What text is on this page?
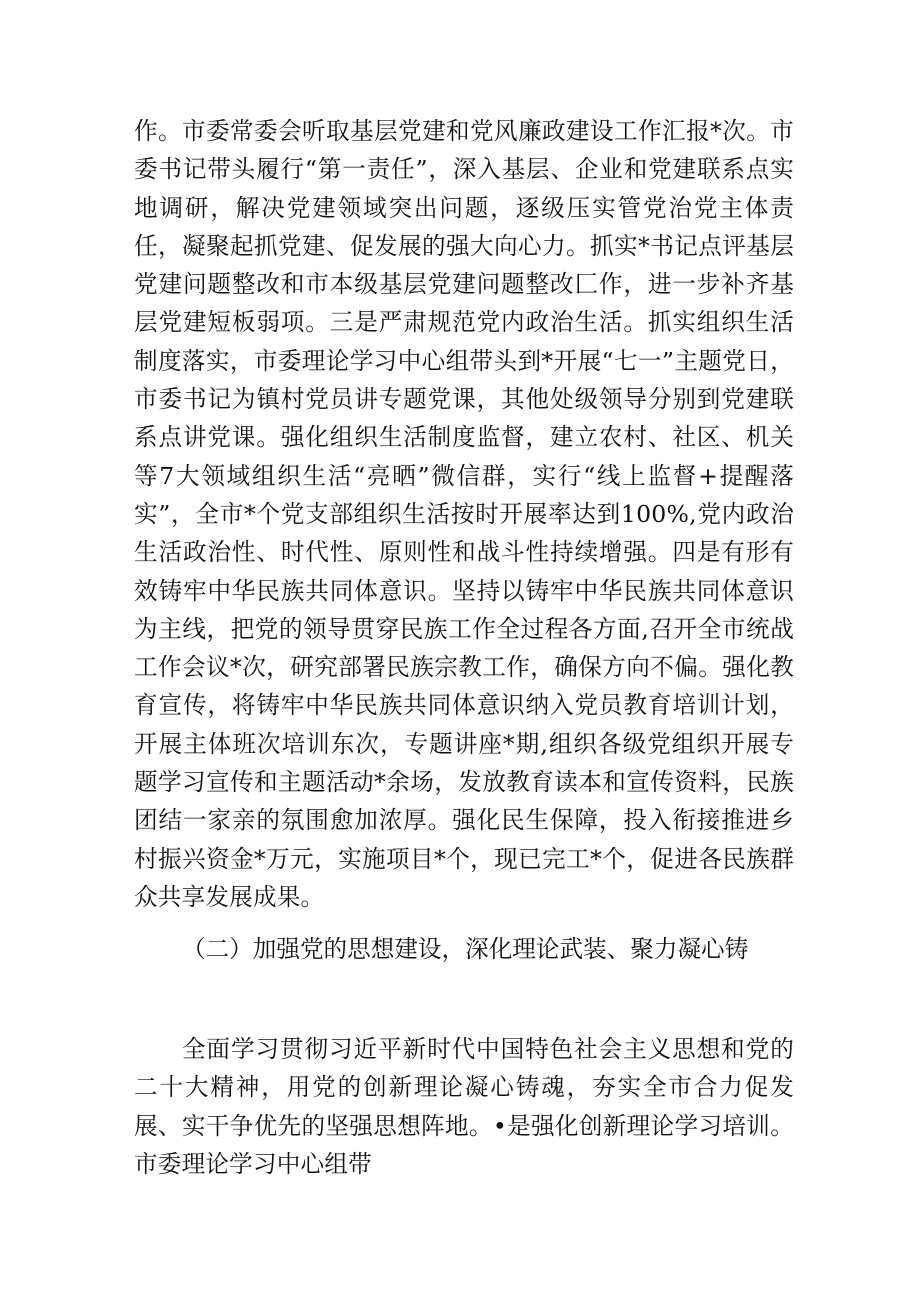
作。市委常委会听取基层党建和党风廉政建设工作汇报*次。市委书记带头履行“第一责任”，深入基层、企业和党建联系点实地调研，解决党建领域突出问题，逐级压实管党治党主体责任，凝聚起抓党建、促发展的强大向心力。抓实*书记点评基层党建问题整改和市本级基层党建问题整改匚作，进一步补齐基层党建短板弱项。三是严肃规范党内政治生活。抓实组织生活制度落实，市委理论学习中心组带头到*开展“七一”主题党日，市委书记为镇村党员讲专题党课，其他处级领导分别到党建联系点讲党课。强化组织生活制度监督，建立农村、社区、机关等7大领域组织生活“亮晒”微信群，实行“线上监督+提醒落实”，全市*个党支部组织生活按时开展率达到100%,党内政治生活政治性、时代性、原则性和战斗性持续增强。四是有形有效铸牢中华民族共同体意识。坚持以铸牢中华民族共同体意识为主线，把党的领导贯穿民族工作全过程各方面,召开全市统战工作会议*次，研究部署民族宗教工作，确保方向不偏。强化教育宣传，将铸牢中华民族共同体意识纳入党员教育培训计划，开展主体班次培训东次，专题讲座*期,组织各级党组织开展专题学习宣传和主题活动*余场，发放教育读本和宣传资料，民族团结一家亲的氛围愈加浓厚。强化民生保障，投入衔接推进乡村振兴资金*万元，实施项目*个，现已完工*个，促进各民族群众共享发展成果。

（二）加强党的思想建设，深化理论武装、聚力凝心铸

全面学习贯彻习近平新时代中国特色社会主义思想和党的二十大精神，用党的创新理论凝心铸魂，夯实全市合力促发展、实干争优先的坚强思想阵地。•是强化创新理论学习培训。市委理论学习中心组带
